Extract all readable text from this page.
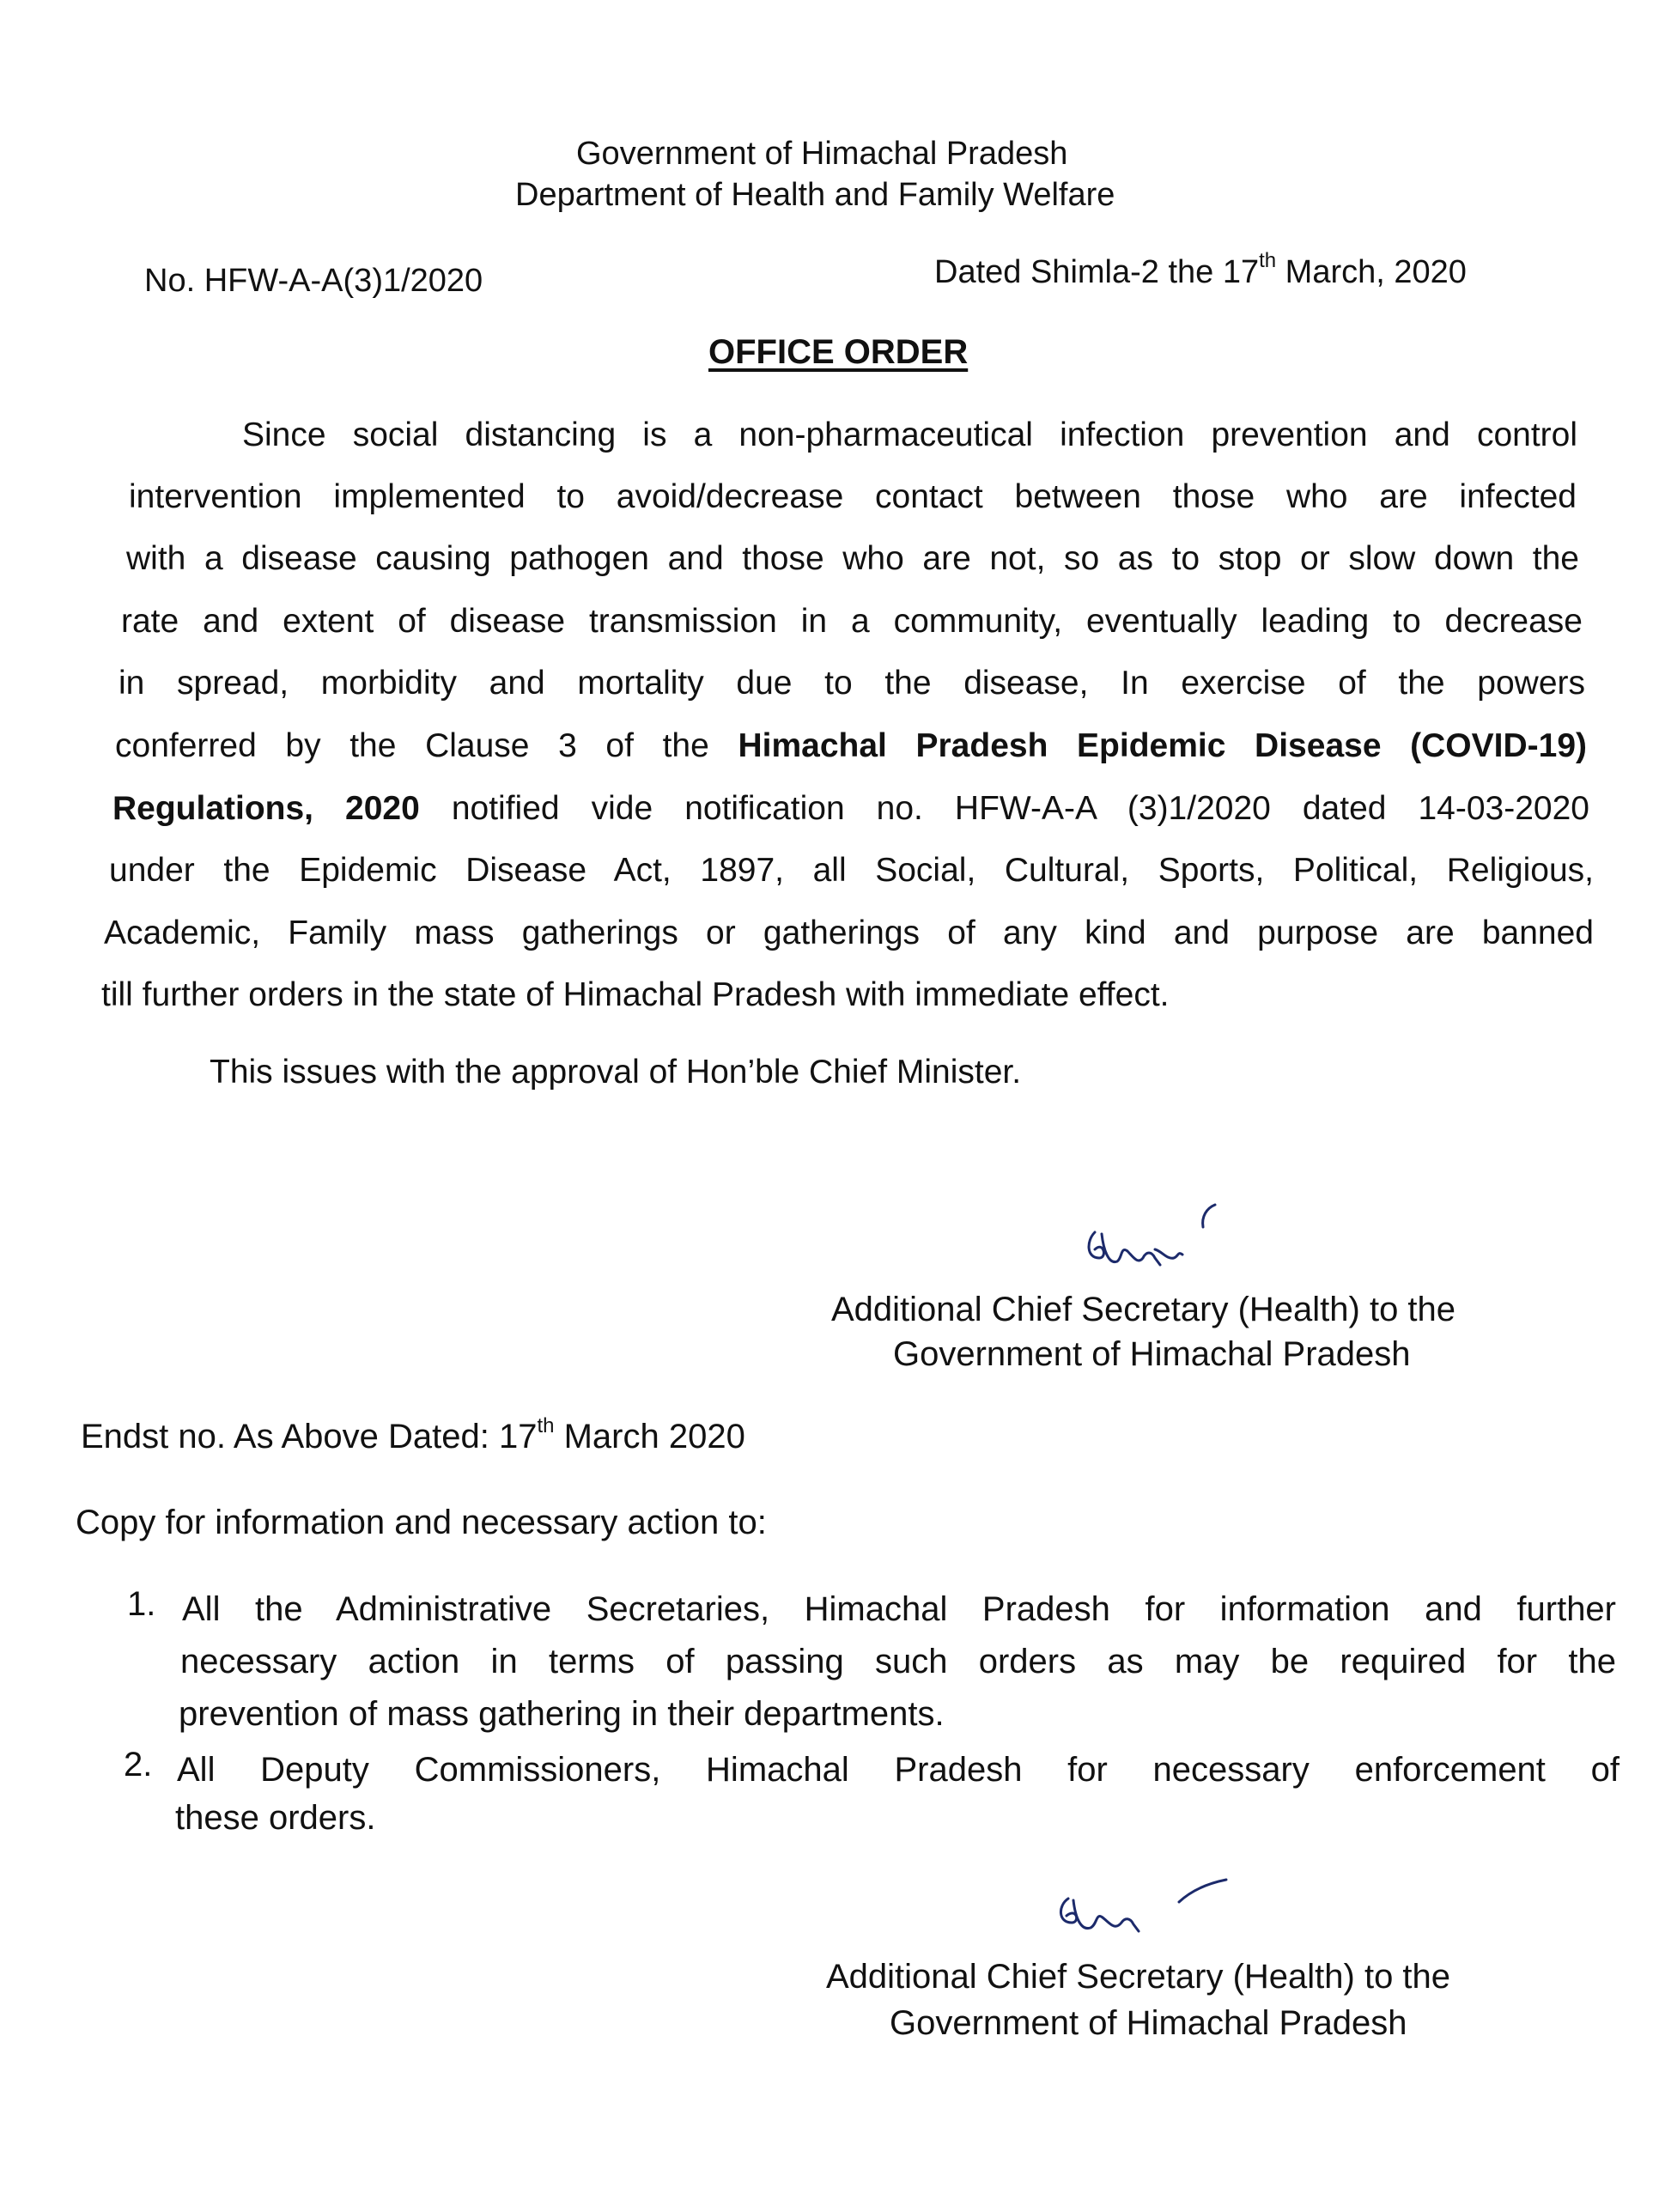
Government of Himachal Pradesh
Department of Health and Family Welfare
No. HFW-A-A(3)1/2020	Dated Shimla-2 the 17th March, 2020
OFFICE ORDER
Since social distancing is a non-pharmaceutical infection prevention and control
intervention implemented to avoid/decrease contact between those who are infected
with a disease causing pathogen and those who are not, so as to stop or slow down the
rate and extent of disease transmission in a community, eventually leading to decrease
in spread, morbidity and mortality due to the disease, In exercise of the powers
conferred by the Clause 3 of the Himachal Pradesh Epidemic Disease (COVID-19)
Regulations, 2020 notified vide notification no. HFW-A-A (3)1/2020 dated 14-03-2020
under the Epidemic Disease Act, 1897, all Social, Cultural, Sports, Political, Religious,
Academic, Family mass gatherings or gatherings of any kind and purpose are banned
till further orders in the state of Himachal Pradesh with immediate effect.
This issues with the approval of Hon’ble Chief Minister.
Additional Chief Secretary (Health) to the
Government of Himachal Pradesh
Endst no. As Above Dated: 17th March 2020
Copy for information and necessary action to:
1. All the Administrative Secretaries, Himachal Pradesh for information and further
necessary action in terms of passing such orders as may be required for the
prevention of mass gathering in their departments.
2. All Deputy Commissioners, Himachal Pradesh for necessary enforcement of
these orders.
Additional Chief Secretary (Health) to the
Government of Himachal Pradesh
